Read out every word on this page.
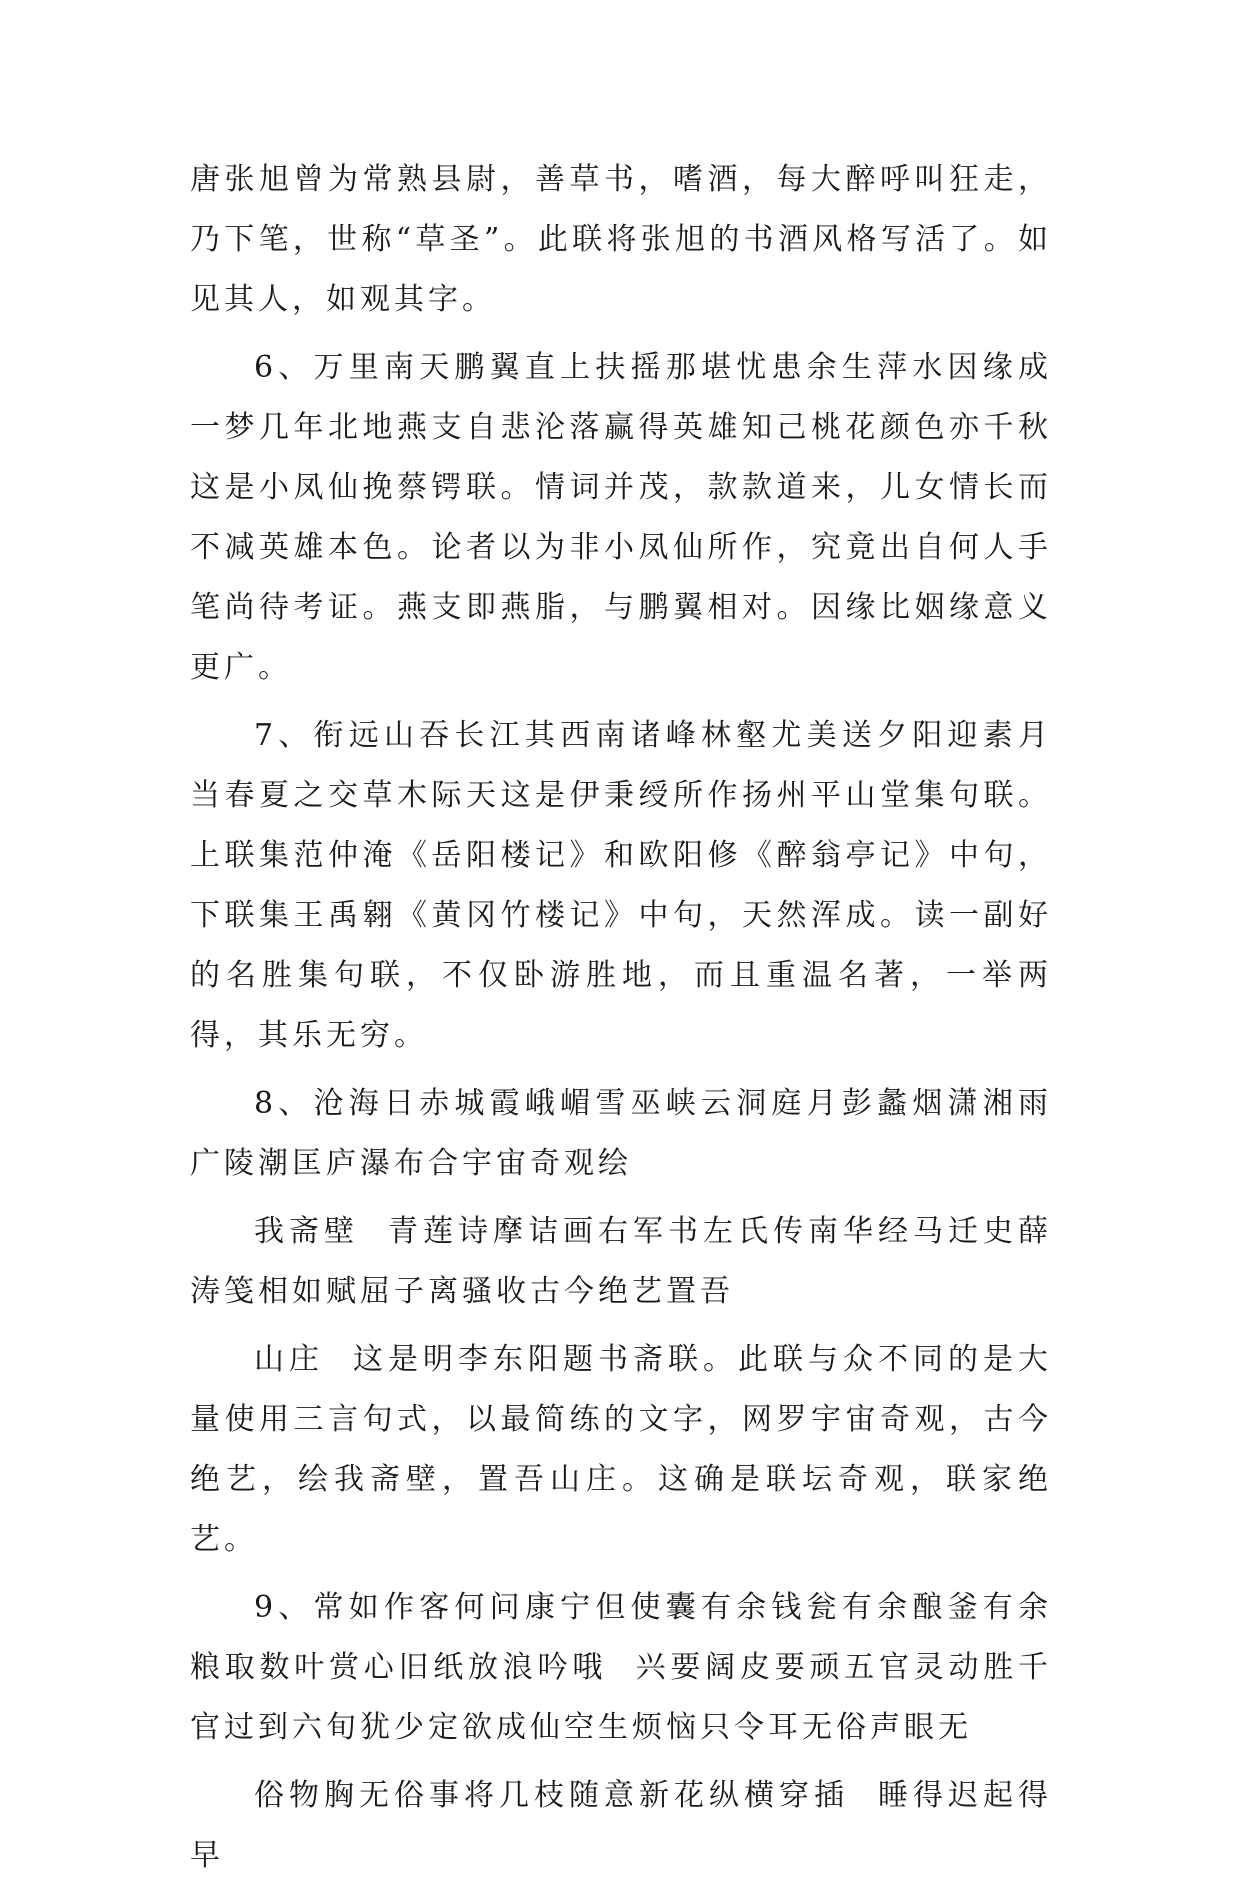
唐张旭曾为常熟县尉，善草书，嗜酒，每大醉呼叫狂走，乃下笔，世称“草圣”。此联将张旭的书酒风格写活了。如见其人，如观其字。

6、万里南天鹏翼直上扶摇那堪忧患余生萍水因缘成一梦几年北地燕支自悲沦落赢得英雄知己桃花颜色亦千秋这是小凤仙挽蔡锷联。情词并茂，款款道来，儿女情长而不减英雄本色。论者以为非小凤仙所作，究竟出自何人手笔尚待考证。燕支即燕脂，与鹏翼相对。因缘比姻缘意义更广。

7、衔远山吞长江其西南诸峰林壑尤美送夕阳迎素月当春夏之交草木际天这是伊秉绶所作扬州平山堂集句联。上联集范仲淹《岳阳楼记》和欧阳修《醉翁亭记》中句，下联集王禹翱《黄冈竹楼记》中句，天然浑成。读一副好的名胜集句联，不仅卧游胜地，而且重温名著，一举两得，其乐无穷。

8、沧海日赤城霞峨嵋雪巫峡云洞庭月彭蠡烟潇湘雨广陵潮匡庐瀑布合宇宙奇观绘

我斋壁  青莲诗摩诘画右军书左氏传南华经马迁史薛涛笺相如赋屈子离骚收古今绝艺置吾

山庄  这是明李东阳题书斋联。此联与众不同的是大量使用三言句式，以最简练的文字，网罗宇宙奇观，古今绝艺，绘我斋壁，置吾山庄。这确是联坛奇观，联家绝艺。

9、常如作客何问康宁但使囊有余钱瓮有余酿釜有余粮取数叶赏心旧纸放浪吟哦  兴要阔皮要顽五官灵动胜千官过到六旬犹少定欲成仙空生烦恼只令耳无俗声眼无

俗物胸无俗事将几枝随意新花纵横穿插  睡得迟起得早
